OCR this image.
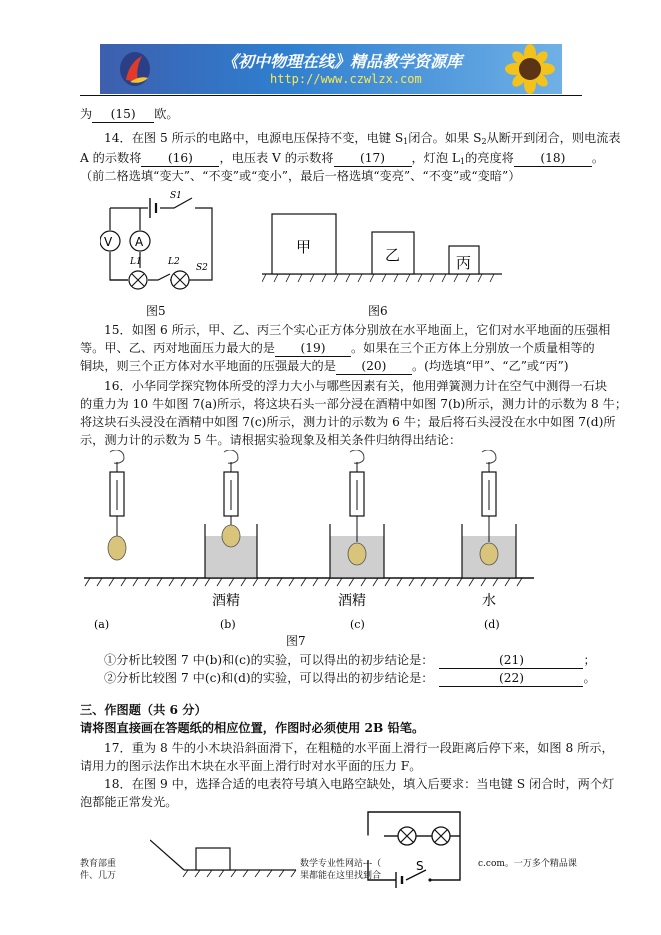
《初中物理在线》精品教学资源库
http://www.czwlzx.com
为 (15) 欧。
14．在图 5 所示的电路中，电源电压保持不变，电键 $S_1$闭合。如果 $S_2$从断开到闭合，则电流表
A 的示数将 (16) ，电压表 V 的示数将 (17) ，灯泡 $L_1$的亮度将 (18) 。
（前二格选填“变大”、“不变”或“变小”，最后一格选填“变亮”、“不变”或“变暗”）
V A
S1
L1	L2
S2
图5
甲	乙	丙
图6
15．如图 6 所示，甲、乙、丙三个实心正方体分别放在水平地面上，它们对水平地面的压强相
等。甲、乙、丙对地面压力最大的是 (19) 。如果在三个正方体上分别放一个质量相等的
铜块，则三个正方体对水平地面的压强最大的是 (20) 。(均选填“甲”、“乙”或“丙”)
16．小华同学探究物体所受的浮力大小与哪些因素有关，他用弹簧测力计在空气中测得一石块
的重力为 10 牛如图 7(a)所示，将这块石头一部分浸在酒精中如图 7(b)所示，测力计的示数为 8 牛；
将这块石头浸没在酒精中如图 7(c)所示，测力计的示数为 6 牛；最后将石头浸没在水中如图 7(d)所
示，测力计的示数为 5 牛。请根据实验现象及相关条件归纳得出结论：
酒精	酒精	水
(a)	(b)	(c)	(d)
图7
①分析比较图 7 中(b)和(c)的实验，可以得出的初步结论是：	(21)	；
②分析比较图 7 中(c)和(d)的实验，可以得出的初步结论是：	(22)	。
三、作图题（共 6 分）
请将图直接画在答题纸的相应位置，作图时必须使用 2B 铅笔。
17．重为 8 牛的小木块沿斜面滑下，在粗糙的水平面上滑行一段距离后停下来，如图 8 所示，
请用力的图示法作出木块在水平面上滑行时对水平面的压力 F。
18．在图 9 中，选择合适的电表符号填入电路空缺处，填入后要求：当电键 S 闭合时，两个灯
泡都能正常发光。
S
教育部重
件、几万
数学专业性网站---（
果都能在这里找到合
c.com。一万多个精品课
